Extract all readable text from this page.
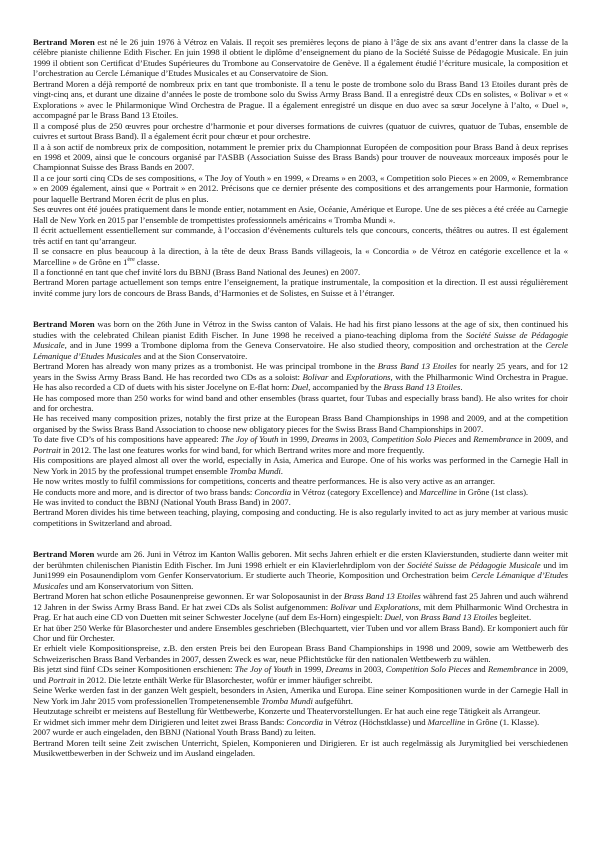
Bertrand Moren est né le 26 juin 1976 à Vétroz en Valais. Il reçoit ses premières leçons de piano à l’âge de six ans avant d’entrer dans la classe de la célèbre pianiste chilienne Edith Fischer. En juin 1998 il obtient le diplôme d’enseignement du piano de la Société Suisse de Pédagogie Musicale. En juin 1999 il obtient son Certificat d’Etudes Supérieures du Trombone au Conservatoire de Genève. Il a également étudié l’écriture musicale, la composition et l’orchestration au Cercle Lémanique d’Etudes Musicales et au Conservatoire de Sion.

Bertrand Moren a déjà remporté de nombreux prix en tant que tromboniste. Il a tenu le poste de trombone solo du Brass Band 13 Etoiles durant près de vingt-cinq ans, et durant une dizaine d’années le poste de trombone solo du Swiss Army Brass Band. Il a enregistré deux CDs en solistes, « Bolivar » et « Explorations » avec le Philarmonique Wind Orchestra de Prague. Il a également enregistré un disque en duo avec sa sœur Jocelyne à l’alto, « Duel », accompagné par le Brass Band 13 Etoiles.

Il a composé plus de 250 œuvres pour orchestre d’harmonie et pour diverses formations de cuivres (quatuor de cuivres, quatuor de Tubas, ensemble de cuivres et surtout Brass Band). Il a également écrit pour chœur et pour orchestre.

Il a à son actif de nombreux prix de composition, notamment le premier prix du Championnat Européen de composition pour Brass Band à deux reprises en 1998 et 2009, ainsi que le concours organisé par l'ASBB (Association Suisse des Brass Bands) pour trouver de nouveaux morceaux imposés pour le Championnat Suisse des Brass Bands en 2007.

Il a ce jour sorti cinq CDs de ses compositions, « The Joy of Youth » en 1999, « Dreams » en 2003, « Competition solo Pieces » en 2009, « Remembrance » en 2009 également, ainsi que « Portrait » en 2012. Précisons que ce dernier présente des compositions et des arrangements pour Harmonie, formation pour laquelle Bertrand Moren écrit de plus en plus.

Ses œuvres ont été jouées pratiquement dans le monde entier, notamment en Asie, Océanie, Amérique et Europe. Une de ses pièces a été créée au Carnegie Hall de New York en 2015 par l’ensemble de trompettistes professionnels américains « Tromba Mundi ».

Il écrit actuellement essentiellement sur commande, à l’occasion d’évènements culturels tels que concours, concerts, théâtres ou autres. Il est également très actif en tant qu’arrangeur.

Il se consacre en plus beaucoup à la direction, à la tête de deux Brass Bands villageois, la « Concordia » de Vétroz en catégorie excellence et la « Marcelline » de Grône en 1ère classe.

Il a fonctionné en tant que chef invité lors du BBNJ (Brass Band National des Jeunes) en 2007.

Bertrand Moren partage actuellement son temps entre l’enseignement, la pratique instrumentale, la composition et la direction. Il est aussi régulièrement invité comme jury lors de concours de Brass Bands, d’Harmonies et de Solistes, en Suisse et à l’étranger.

Bertrand Moren was born on the 26th June in Vétroz in the Swiss canton of Valais. He had his first piano lessons at the age of six, then continued his studies with the celebrated Chilean pianist Edith Fischer. In June 1998 he received a piano-teaching diploma from the Société Suisse de Pédagogie Musicale, and in June 1999 a Trombone diploma from the Geneva Conservatoire. He also studied theory, composition and orchestration at the Cercle Lémanique d’Etudes Musicales and at the Sion Conservatoire.

Bertrand Moren has already won many prizes as a trombonist. He was principal trombone in the Brass Band 13 Etoiles for nearly 25 years, and for 12 years in the Swiss Army Brass Band. He has recorded two CDs as a soloist: Bolivar and Explorations, with the Philharmonic Wind Orchestra in Prague. He has also recorded a CD of duets with his sister Jocelyne on E-flat horn: Duel, accompanied by the Brass Band 13 Etoiles.

He has composed more than 250 works for wind band and other ensembles (brass quartet, four Tubas and especially brass band). He also writes for choir and for orchestra.

He has received many composition prizes, notably the first prize at the European Brass Band Championships in 1998 and 2009, and at the competition organised by the Swiss Brass Band Association to choose new obligatory pieces for the Swiss Brass Band Championships in 2007.

To date five CD’s of his compositions have appeared: The Joy of Youth in 1999, Dreams in 2003, Competition Solo Pieces and Remembrance in 2009, and Portrait in 2012. The last one features works for wind band, for which Bertrand writes more and more frequently.

His compositions are played almost all over the world, especially in Asia, America and Europe. One of his works was performed in the Carnegie Hall in New York in 2015 by the professional trumpet ensemble Tromba Mundi.

He now writes mostly to fulfil commissions for competitions, concerts and theatre performances. He is also very active as an arranger.

He conducts more and more, and is director of two brass bands: Concordia in Vétroz (category Excellence) and Marcelline in Grône (1st class).

He was invited to conduct the BBNJ (National Youth Brass Band) in 2007.

Bertrand Moren divides his time between teaching, playing, composing and conducting. He is also regularly invited to act as jury member at various music competitions in Switzerland and abroad.

Bertrand Moren wurde am 26. Juni in Vétroz im Kanton Wallis geboren. Mit sechs Jahren erhielt er die ersten Klavierstunden, studierte dann weiter mit der berühmten chilenischen Pianistin Edith Fischer. Im Juni 1998 erhielt er ein Klavierlehrdiplom von der Société Suisse de Pédagogie Musicale und im Juni1999 ein Posaunendiplom vom Genfer Konservatorium. Er studierte auch Theorie, Komposition und Orchestration beim Cercle Lémanique d’Etudes Musicales und am Konservatorium von Sitten.

Bertrand Moren hat schon etliche Posaunenpreise gewonnen. Er war Soloposaunist in der Brass Band 13 Etoiles während fast 25 Jahren und auch während 12 Jahren in der Swiss Army Brass Band. Er hat zwei CDs als Solist aufgenommen: Bolivar und Explorations, mit dem Philharmonic Wind Orchestra in Prag. Er hat auch eine CD von Duetten mit seiner Schwester Jocelyne (auf dem Es-Horn) eingespielt: Duel, von Brass Band 13 Etoiles begleitet.

Er hat über 250 Werke für Blasorchester und andere Ensembles geschrieben (Blechquartett, vier Tuben und vor allem Brass Band). Er komponiert auch für Chor und für Orchester.

Er erhielt viele Kompositionspreise, z.B. den ersten Preis bei den European Brass Band Championships in 1998 und 2009, sowie am Wettbewerb des Schweizerischen Brass Band Verbandes in 2007, dessen Zweck es war, neue Pflichtstücke für den nationalen Wettbewerb zu wählen.

Bis jetzt sind fünf CDs seiner Kompositionen erschienen: The Joy of Youth in 1999, Dreams in 2003, Competition Solo Pieces and Remembrance in 2009, und Portrait in 2012. Die letzte enthält Werke für Blasorchester, wofür er immer häufiger schreibt.

Seine Werke werden fast in der ganzen Welt gespielt, besonders in Asien, Amerika und Europa. Eine seiner Kompositionen wurde in der Carnegie Hall in New York im Jahr 2015 vom professionellen Trompetenensemble Tromba Mundi aufgeführt.

Heutzutage schreibt er meistens auf Bestellung für Wettbewerbe, Konzerte und Theatervorstellungen. Er hat auch eine rege Tätigkeit als Arrangeur.

Er widmet sich immer mehr dem Dirigieren und leitet zwei Brass Bands: Concordia in Vétroz (Höchstklasse) und Marcelline in Grône (1. Klasse).

2007 wurde er auch eingeladen, den BBNJ (National Youth Brass Band) zu leiten.

Bertrand Moren teilt seine Zeit zwischen Unterricht, Spielen, Komponieren und Dirigieren. Er ist auch regelmässig als Jurymitglied bei verschiedenen Musikwettbewerben in der Schweiz und im Ausland eingeladen.
